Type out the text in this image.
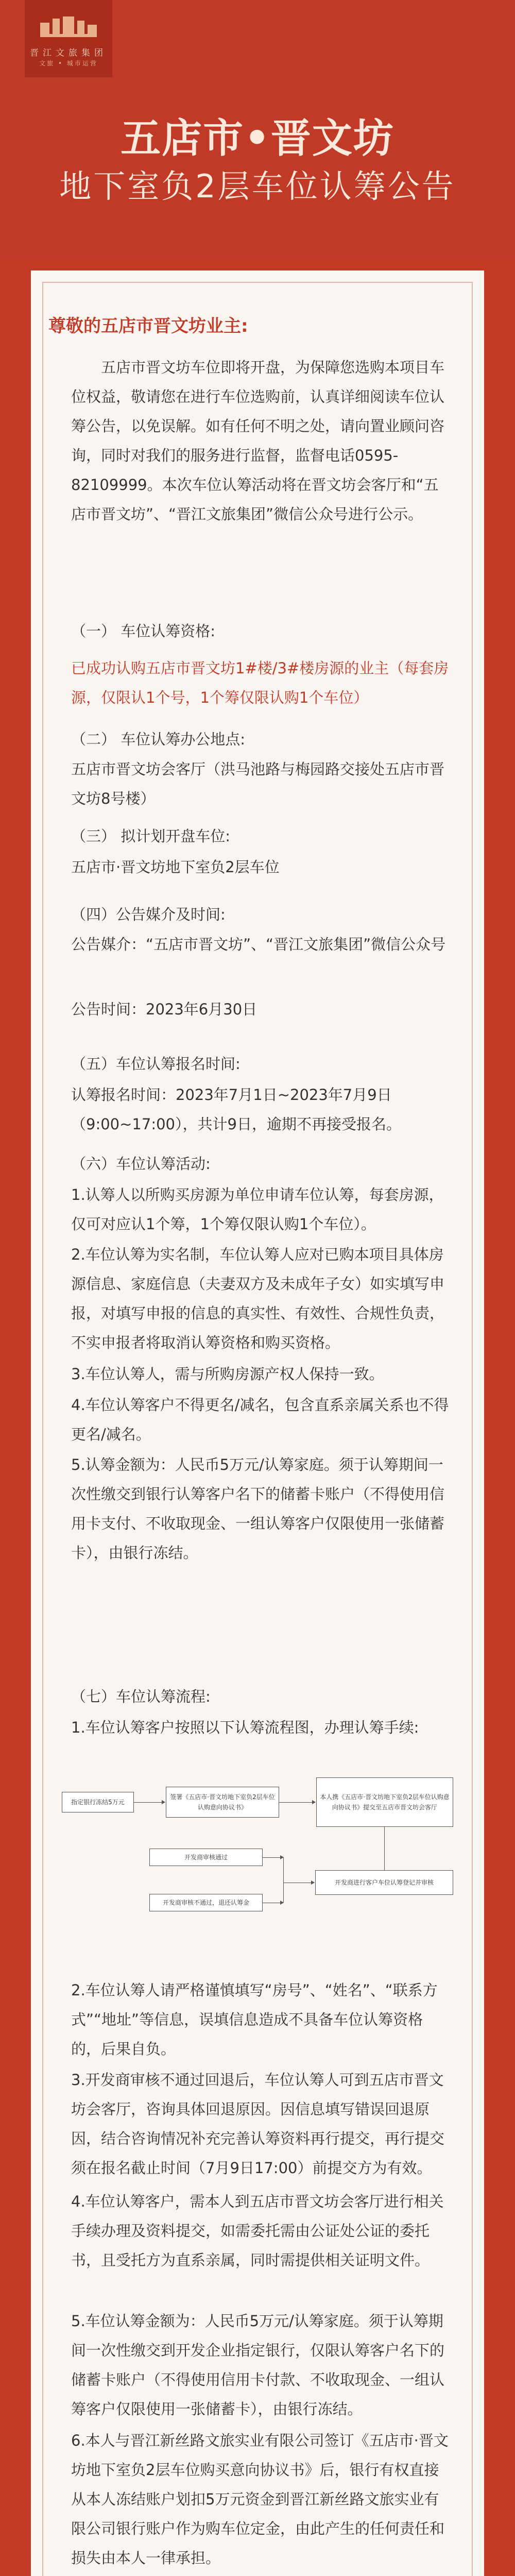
晋江文旅集团
文旅 • 城市运营
五店市•晋文坊
地下室负2层车位认筹公告
尊敬的五店市晋文坊业主:
五店市晋文坊车位即将开盘，为保障您选购本项目车位权益，敬请您在进行车位选购前，认真详细阅读车位认筹公告，以免误解。如有任何不明之处，请向置业顾问咨询，同时对我们的服务进行监督，监督电话0595-82109999。本次车位认筹活动将在晋文坊会客厅和“五店市晋文坊”、“晋江文旅集团”微信公众号进行公示。
（一） 车位认筹资格:
已成功认购五店市晋文坊1#楼/3#楼房源的业主（每套房源，仅限认1个号，1个筹仅限认购1个车位）
（二） 车位认筹办公地点:
五店市晋文坊会客厅（洪马池路与梅园路交接处五店市晋文坊8号楼）
（三） 拟计划开盘车位:
五店市·晋文坊地下室负2层车位
（四）公告媒介及时间:
公告媒介：“五店市晋文坊”、“晋江文旅集团”微信公众号
公告时间：2023年6月30日
（五）车位认筹报名时间:
认筹报名时间：2023年7月1日~2023年7月9日（9:00~17:00），共计9日，逾期不再接受报名。
（六）车位认筹活动:
1.认筹人以所购买房源为单位申请车位认筹，每套房源，仅可对应认1个筹，1个筹仅限认购1个车位）。
2.车位认筹为实名制，车位认筹人应对已购本项目具体房源信息、家庭信息（夫妻双方及未成年子女）如实填写申报，对填写申报的信息的真实性、有效性、合规性负责，不实申报者将取消认筹资格和购买资格。
3.车位认筹人，需与所购房源产权人保持一致。
4.车位认筹客户不得更名/减名，包含直系亲属关系也不得更名/减名。
5.认筹金额为：人民币5万元/认筹家庭。须于认筹期间一次性缴交到银行认筹客户名下的储蓄卡账户（不得使用信用卡支付、不收取现金、一组认筹客户仅限使用一张储蓄卡），由银行冻结。
（七）车位认筹流程:
1.车位认筹客户按照以下认筹流程图，办理认筹手续:
指定银行冻结5万元
签署《五店市·晋文坊地下室负2层车位认购意向协议书》
本人携《五店市·晋文坊地下室负2层车位认购意向协议书》提交至五店市晋文坊会客厅
开发商进行客户车位认筹登记并审核
开发商审核通过
开发商审核不通过，退还认筹金
2.车位认筹人请严格谨慎填写“房号”、“姓名”、“联系方式”“地址”等信息，误填信息造成不具备车位认筹资格的，后果自负。
3.开发商审核不通过回退后，车位认筹人可到五店市晋文坊会客厅，咨询具体回退原因。因信息填写错误回退原因，结合咨询情况补充完善认筹资料再行提交，再行提交须在报名截止时间（7月9日17:00）前提交方为有效。
4.车位认筹客户，需本人到五店市晋文坊会客厅进行相关手续办理及资料提交，如需委托需由公证处公证的委托书，且受托方为直系亲属，同时需提供相关证明文件。
5.车位认筹金额为：人民币5万元/认筹家庭。须于认筹期间一次性缴交到开发企业指定银行，仅限认筹客户名下的储蓄卡账户（不得使用信用卡付款、不收取现金、一组认筹客户仅限使用一张储蓄卡），由银行冻结。
6.本人与晋江新丝路文旅实业有限公司签订《五店市·晋文坊地下室负2层车位购买意向协议书》后，银行有权直接从本人冻结账户划扣5万元资金到晋江新丝路文旅实业有限公司银行账户作为购车位定金，由此产生的任何责任和损失由本人一律承担。
